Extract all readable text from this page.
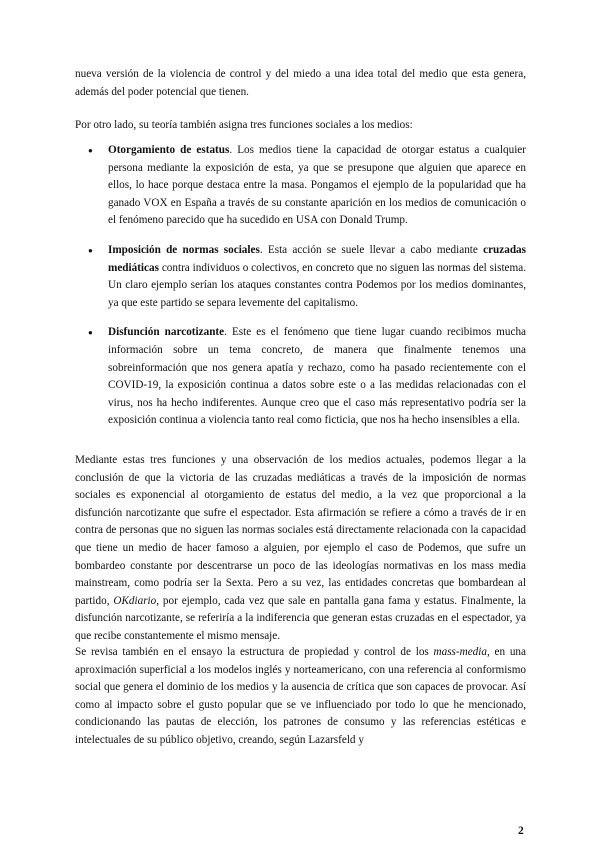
nueva versión de la violencia de control y del miedo a una idea total del medio que esta genera, además del poder potencial que tienen.

Por otro lado, su teoría también asigna tres funciones sociales a los medios:

● Otorgamiento de estatus. Los medios tiene la capacidad de otorgar estatus a cualquier persona mediante la exposición de esta, ya que se presupone que alguien que aparece en ellos, lo hace porque destaca entre la masa. Pongamos el ejemplo de la popularidad que ha ganado VOX en España a través de su constante aparición en los medios de comunicación o el fenómeno parecido que ha sucedido en USA con Donald Trump.
● Imposición de normas sociales. Esta acción se suele llevar a cabo mediante cruzadas mediáticas contra individuos o colectivos, en concreto que no siguen las normas del sistema. Un claro ejemplo serían los ataques constantes contra Podemos por los medios dominantes, ya que este partido se separa levemente del capitalismo.
● Disfunción narcotizante. Este es el fenómeno que tiene lugar cuando recibimos mucha información sobre un tema concreto, de manera que finalmente tenemos una sobreinformación que nos genera apatía y rechazo, como ha pasado recientemente con el COVID-19, la exposición continua a datos sobre este o a las medidas relacionadas con el virus, nos ha hecho indiferentes. Aunque creo que el caso más representativo podría ser la exposición continua a violencia tanto real como ficticia, que nos ha hecho insensibles a ella.

Mediante estas tres funciones y una observación de los medios actuales, podemos llegar a la conclusión de que la victoria de las cruzadas mediáticas a través de la imposición de normas sociales es exponencial al otorgamiento de estatus del medio, a la vez que proporcional a la disfunción narcotizante que sufre el espectador. Esta afirmación se refiere a cómo a través de ir en contra de personas que no siguen las normas sociales está directamente relacionada con la capacidad que tiene un medio de hacer famoso a alguien, por ejemplo el caso de Podemos, que sufre un bombardeo constante por descentrarse un poco de las ideologías normativas en los mass media mainstream, como podría ser la Sexta. Pero a su vez, las entidades concretas que bombardean al partido, OKdiario, por ejemplo, cada vez que sale en pantalla gana fama y estatus. Finalmente, la disfunción narcotizante, se referiría a la indiferencia que generan estas cruzadas en el espectador, ya que recibe constantemente el mismo mensaje.

Se revisa también en el ensayo la estructura de propiedad y control de los mass-media, en una aproximación superficial a los modelos inglés y norteamericano, con una referencia al conformismo social que genera el dominio de los medios y la ausencia de crítica que son capaces de provocar. Así como al impacto sobre el gusto popular que se ve influenciado por todo lo que he mencionado, condicionando las pautas de elección, los patrones de consumo y las referencias estéticas e intelectuales de su público objetivo, creando, según Lazarsfeld y

2
